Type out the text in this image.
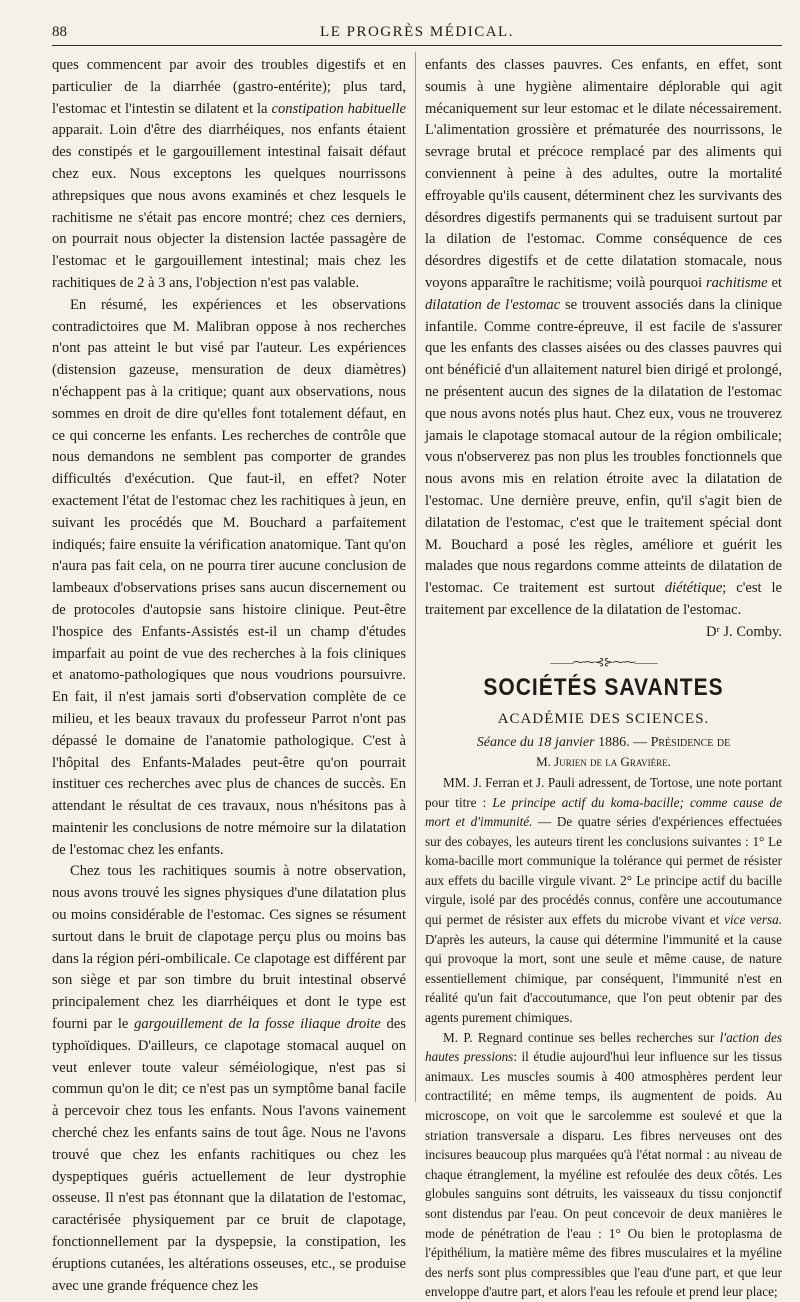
88	LE PROGRÈS MÉDICAL.

ques commencent par avoir des troubles digestifs et en particulier de la diarrhée (gastro-entérite); plus tard, l'estomac et l'intestin se dilatent et la constipation habituelle apparait. Loin d'être des diarrhéiques, nos enfants étaient des constipés et le gargouillement intestinal faisait défaut chez eux. Nous exceptons les quelques nourrissons athrepsiques que nous avons examinés et chez lesquels le rachitisme ne s'était pas encore montré; chez ces derniers, on pourrait nous objecter la distension lactée passagère de l'estomac et le gargouillement intestinal; mais chez les rachitiques de 2 à 3 ans, l'objection n'est pas valable.

En résumé, les expériences et les observations contradictoires que M. Malibran oppose à nos recherches n'ont pas atteint le but visé par l'auteur. Les expériences (distension gazeuse, mensuration de deux diamètres) n'échappent pas à la critique; quant aux observations, nous sommes en droit de dire qu'elles font totalement défaut, en ce qui concerne les enfants. Les recherches de contrôle que nous demandons ne semblent pas comporter de grandes difficultés d'exécution. Que faut-il, en effet? Noter exactement l'état de l'estomac chez les rachitiques à jeun, en suivant les procédés que M. Bouchard a parfaitement indiqués; faire ensuite la vérification anatomique. Tant qu'on n'aura pas fait cela, on ne pourra tirer aucune conclusion de lambeaux d'observations prises sans aucun discernement ou de protocoles d'autopsie sans histoire clinique. Peut-être l'hospice des Enfants-Assistés est-il un champ d'études imparfait au point de vue des recherches à la fois cliniques et anatomo-pathologiques que nous voudrions poursuivre. En fait, il n'est jamais sorti d'observation complète de ce milieu, et les beaux travaux du professeur Parrot n'ont pas dépassé le domaine de l'anatomie pathologique. C'est à l'hôpital des Enfants-Malades peut-être qu'on pourrait instituer ces recherches avec plus de chances de succès. En attendant le résultat de ces travaux, nous n'hésitons pas à maintenir les conclusions de notre mémoire sur la dilatation de l'estomac chez les enfants.

Chez tous les rachitiques soumis à notre observation, nous avons trouvé les signes physiques d'une dilatation plus ou moins considérable de l'estomac. Ces signes se résument surtout dans le bruit de clapotage perçu plus ou moins bas dans la région péri-ombilicale. Ce clapotage est différent par son siège et par son timbre du bruit intestinal observé principalement chez les diarrhéiques et dont le type est fourni par le gargouillement de la fosse iliaque droite des typhoïdiques. D'ailleurs, ce clapotage stomacal auquel on veut enlever toute valeur séméiologique, n'est pas si commun qu'on le dit; ce n'est pas un symptôme banal facile à percevoir chez tous les enfants. Nous l'avons vainement cherché chez les enfants sains de tout âge. Nous ne l'avons trouvé que chez les enfants rachitiques ou chez les dyspeptiques guéris actuellement de leur dystrophie osseuse. Il n'est pas étonnant que la dilatation de l'estomac, caractérisée physiquement par ce bruit de clapotage, fonctionnellement par la dyspepsie, la constipation, les éruptions cutanées, les altérations osseuses, etc., se produise avec une grande fréquence chez les

enfants des classes pauvres. Ces enfants, en effet, sont soumis à une hygiène alimentaire déplorable qui agit mécaniquement sur leur estomac et le dilate nécessairement. L'alimentation grossière et prématurée des nourrissons, le sevrage brutal et précoce remplacé par des aliments qui conviennent à peine à des adultes, outre la mortalité effroyable qu'ils causent, déterminent chez les survivants des désordres digestifs permanents qui se traduisent surtout par la dilation de l'estomac. Comme conséquence de ces désordres digestifs et de cette dilatation stomacale, nous voyons apparaître le rachitisme; voilà pourquoi rachitisme et dilatation de l'estomac se trouvent associés dans la clinique infantile. Comme contre-épreuve, il est facile de s'assurer que les enfants des classes aisées ou des classes pauvres qui ont bénéficié d'un allaitement naturel bien dirigé et prolongé, ne présentent aucun des signes de la dilatation de l'estomac que nous avons notés plus haut. Chez eux, vous ne trouverez jamais le clapotage stomacal autour de la région ombilicale; vous n'observerez pas non plus les troubles fonctionnels que nous avons mis en relation étroite avec la dilatation de l'estomac. Une dernière preuve, enfin, qu'il s'agit bien de dilatation de l'estomac, c'est que le traitement spécial dont M. Bouchard a posé les règles, améliore et guérit les malades que nous regardons comme atteints de dilatation de l'estomac. Ce traitement est surtout diététique; c'est le traitement par excellence de la dilatation de l'estomac.

Dʳ J. Comby.

——⁓⁓⊰⊱⁓⁓——
SOCIÉTÉS SAVANTES
ACADÉMIE DES SCIENCES.
Séance du 18 janvier 1886. — Présidence de
M. Jurien de la Gravière.

MM. J. Ferran et J. Pauli adressent, de Tortose, une note portant pour titre : Le principe actif du koma-bacille; comme cause de mort et d'immunité. — De quatre séries d'expériences effectuées sur des cobayes, les auteurs tirent les conclusions suivantes : 1° Le koma-bacille mort communique la tolérance qui permet de résister aux effets du bacille virgule vivant. 2° Le principe actif du bacille virgule, isolé par des procédés connus, confère une accoutumance qui permet de résister aux effets du microbe vivant et vice versa. D'après les auteurs, la cause qui détermine l'immunité et la cause qui provoque la mort, sont une seule et même cause, de nature essentiellement chimique, par conséquent, l'immunité n'est en réalité qu'un fait d'accoutumance, que l'on peut obtenir par des agents purement chimiques.

M. P. Regnard continue ses belles recherches sur l'action des hautes pressions: il étudie aujourd'hui leur influence sur les tissus animaux. Les muscles soumis à 400 atmosphères perdent leur contractilité; en même temps, ils augmentent de poids. Au microscope, on voit que le sarcolemme est soulevé et que la striation transversale a disparu. Les fibres nerveuses ont des incisures beaucoup plus marquées qu'à l'état normal : au niveau de chaque étranglement, la myéline est refoulée des deux côtés. Les globules sanguins sont détruits, les vaisseaux du tissu conjonctif sont distendus par l'eau. On peut concevoir de deux manières le mode de pénétration de l'eau : 1° Ou bien le protoplasma de l'épithélium, la matière même des fibres musculaires et la myéline des nerfs sont plus compressibles que l'eau d'une part, et que leur enveloppe d'autre part, et alors l'eau les refoule et prend leur place;
